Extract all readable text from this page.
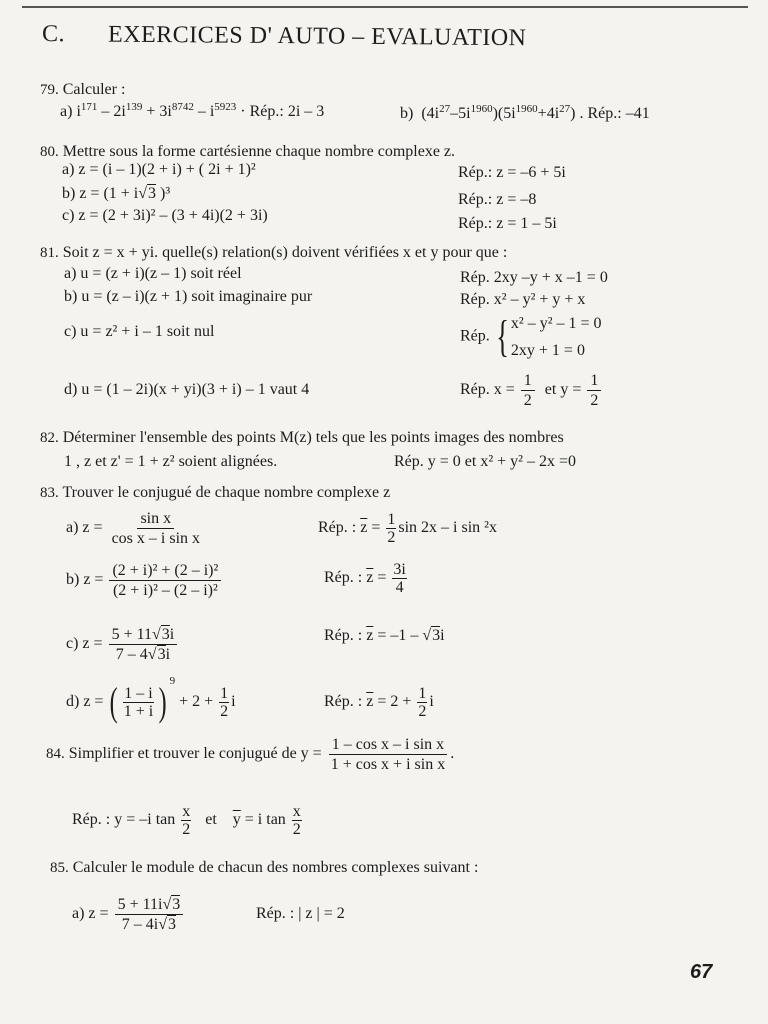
C. EXERCICES D' AUTO – EVALUATION
79. Calculer :
a) $i^{171} - 2i^{139} + 3i^{8742} - i^{5923}$ · Rép.: 2i – 3	b)  $(4i^{27}-5i^{1960})(5i^{1960}+4i^{27})$ . Rép.: –41
80. Mettre sous la forme cartésienne chaque nombre complexe z.
a) z = (i – 1)(2 + i) + ( 2i + 1)²	Rép.: z = –6 + 5i
b) z = (1 + i√3 )³	Rép.: z = –8
c) z = (2 + 3i)² – (3 + 4i)(2 + 3i)	Rép.: z = 1 – 5i
81. Soit z = x + yi. quelle(s) relation(s) doivent vérifiées x et y pour que :
a) u = (z + i)(z – 1) soit réel	Rép. 2xy –y + x –1 = 0
b) u = (z – i)(z + 1) soit imaginaire pur	Rép. x² – y² + y + x
c) u = z² + i – 1 soit nul	Rép. { x² – y² – 1 = 0
2xy + 1 = 0
d) u = (1 – 2i)(x + yi)(3 + i) – 1 vaut 4	Rép. $x = \frac{1}{2}$ et $y = \frac{1}{2}$
82. Déterminer l'ensemble des points M(z) tels que les points images des nombres
1 , z et z' = 1 + z² soient alignées.	Rép. y = 0 et x² + y² – 2x =0
83. Trouver le conjugué de chaque nombre complexe z
a) $z = \frac{\text{sin x}}{\text{cos x – i sin x}}$	Rép. : $\overline{z} = \frac{1}{2}$ sin 2x – i sin ²x
b) $z = \frac{\text{(2 + i)² + (2 – i)²}}{\text{(2 + i)² – (2 – i)²}}$	Rép. : $\overline{z} = \frac{3i}{4}$
c) $z = \frac{5 + 11√3i}{7 - 4√3i}$	Rép. : $\overline{z} = -1 - √3i$
d) z = ( $\frac{1 - i}{1 + i}$ ) $^9 + 2 + \frac{1}{2}$ i	Rép. : $\overline{z} = 2 + \frac{1}{2}$ i
84. Simplifier et trouver le conjugué de $y = \frac{\text{1 – cos x – i sin x}}{\text{1 + cos x + i sin x}}$ .
Rép. : y = –i $\tan \frac{x}{2}$ et $\overline{y} = i$ $\tan \frac{x}{2}$
85. Calculer le module de chacun des nombres complexes suivant :
a) $z = \frac{5 + 11i√3}{7 - 4i√3}$	Rép. : | z | = 2
67
